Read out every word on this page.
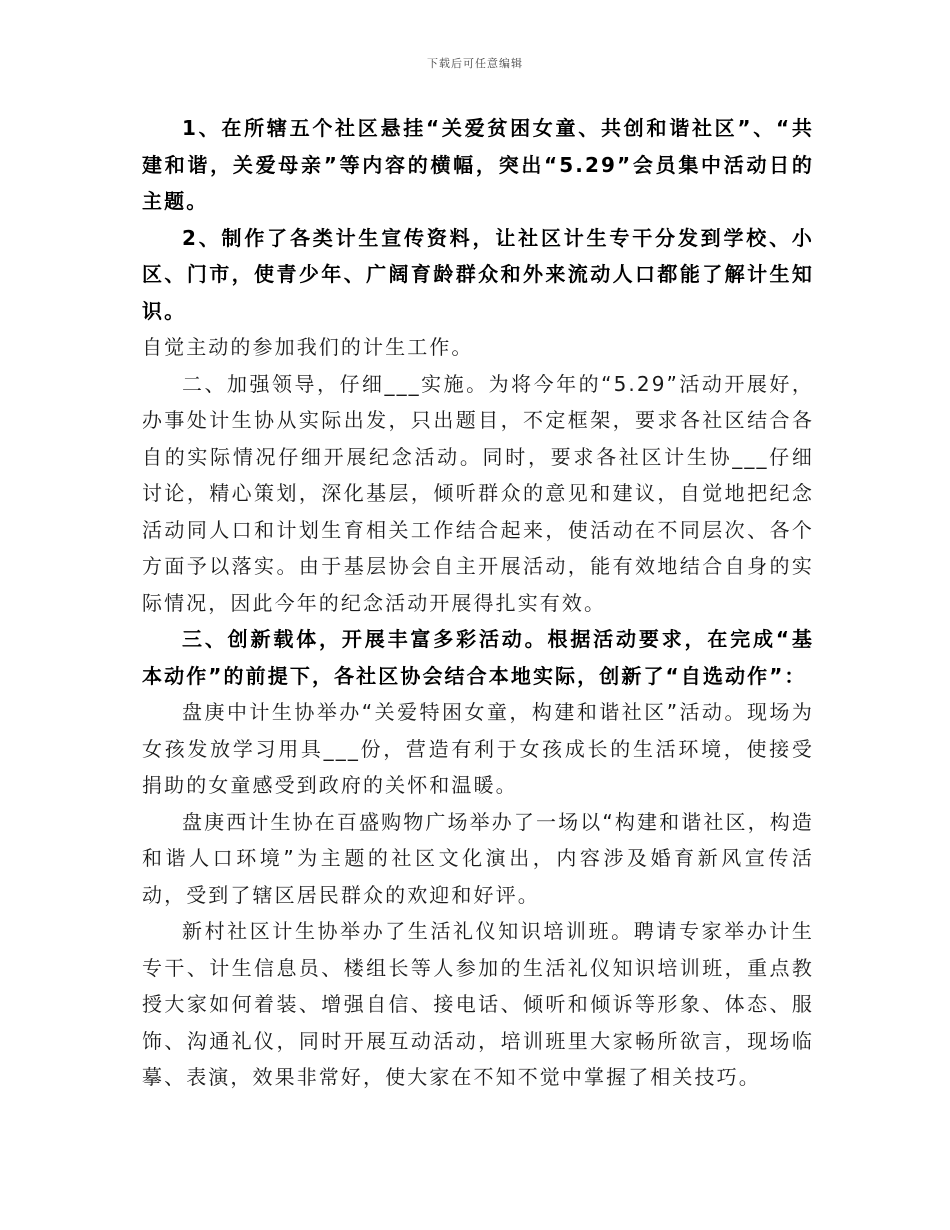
下载后可任意编辑

1、在所辖五个社区悬挂“关爱贫困女童、共创和谐社区”、“共建和谐，关爱母亲”等内容的横幅，突出“5.29”会员集中活动日的主题。

2、制作了各类计生宣传资料，让社区计生专干分发到学校、小区、门市，使青少年、广阔育龄群众和外来流动人口都能了解计生知识。

自觉主动的参加我们的计生工作。

二、加强领导，仔细___实施。为将今年的“5.29”活动开展好，办事处计生协从实际出发，只出题目，不定框架，要求各社区结合各自的实际情况仔细开展纪念活动。同时，要求各社区计生协___仔细讨论，精心策划，深化基层，倾听群众的意见和建议，自觉地把纪念活动同人口和计划生育相关工作结合起来，使活动在不同层次、各个方面予以落实。由于基层协会自主开展活动，能有效地结合自身的实际情况，因此今年的纪念活动开展得扎实有效。

三、创新载体，开展丰富多彩活动。根据活动要求，在完成“基本动作”的前提下，各社区协会结合本地实际，创新了“自选动作”：

盘庚中计生协举办“关爱特困女童，构建和谐社区”活动。现场为女孩发放学习用具___份，营造有利于女孩成长的生活环境，使接受捐助的女童感受到政府的关怀和温暖。

盘庚西计生协在百盛购物广场举办了一场以“构建和谐社区，构造和谐人口环境”为主题的社区文化演出，内容涉及婚育新风宣传活动，受到了辖区居民群众的欢迎和好评。

新村社区计生协举办了生活礼仪知识培训班。聘请专家举办计生专干、计生信息员、楼组长等人参加的生活礼仪知识培训班，重点教授大家如何着装、增强自信、接电话、倾听和倾诉等形象、体态、服饰、沟通礼仪，同时开展互动活动，培训班里大家畅所欲言，现场临摹、表演，效果非常好，使大家在不知不觉中掌握了相关技巧。
